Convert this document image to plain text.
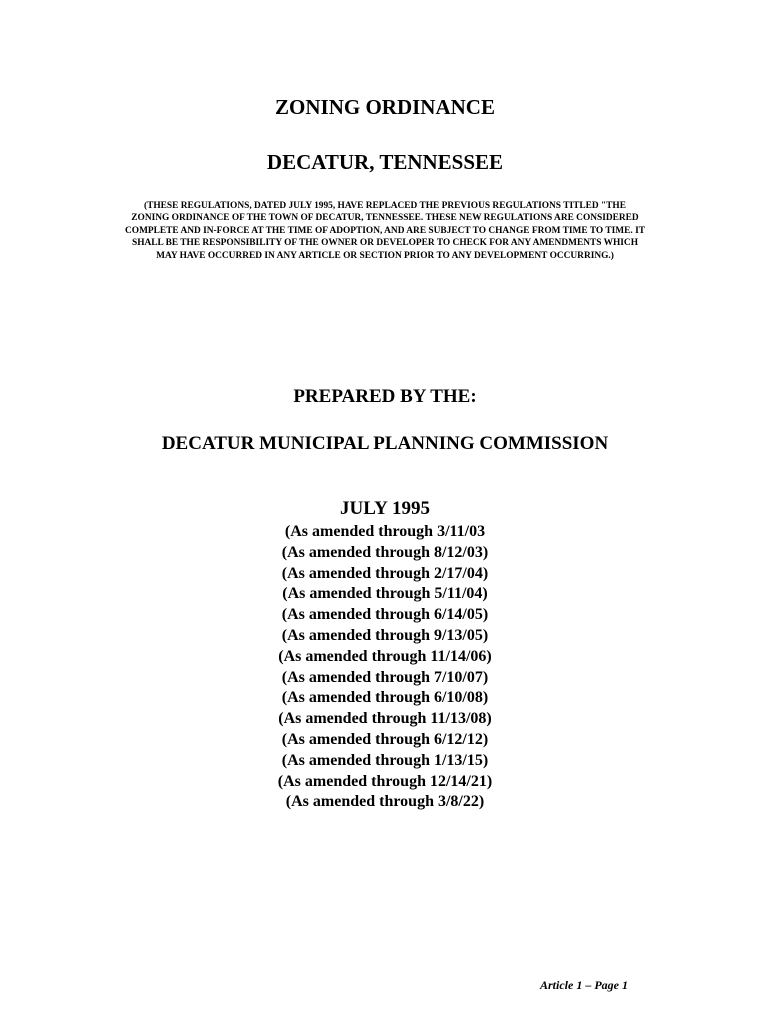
ZONING ORDINANCE
DECATUR, TENNESSEE
(THESE REGULATIONS, DATED JULY 1995, HAVE REPLACED THE PREVIOUS REGULATIONS TITLED "THE
ZONING ORDINANCE OF THE TOWN OF DECATUR, TENNESSEE. THESE NEW REGULATIONS ARE CONSIDERED
COMPLETE AND IN-FORCE AT THE TIME OF ADOPTION, AND ARE SUBJECT TO CHANGE FROM TIME TO TIME. IT
SHALL BE THE RESPONSIBILITY OF THE OWNER OR DEVELOPER TO CHECK FOR ANY AMENDMENTS WHICH
MAY HAVE OCCURRED IN ANY ARTICLE OR SECTION PRIOR TO ANY DEVELOPMENT OCCURRING.)
PREPARED BY THE:
DECATUR MUNICIPAL PLANNING COMMISSION
JULY 1995
(As amended through 3/11/03
(As amended through 8/12/03)
(As amended through 2/17/04)
(As amended through 5/11/04)
(As amended through 6/14/05)
(As amended through 9/13/05)
(As amended through 11/14/06)
(As amended through 7/10/07)
(As amended through 6/10/08)
(As amended through 11/13/08)
(As amended through 6/12/12)
(As amended through 1/13/15)
(As amended through 12/14/21)
(As amended through 3/8/22)
Article 1 – Page 1
